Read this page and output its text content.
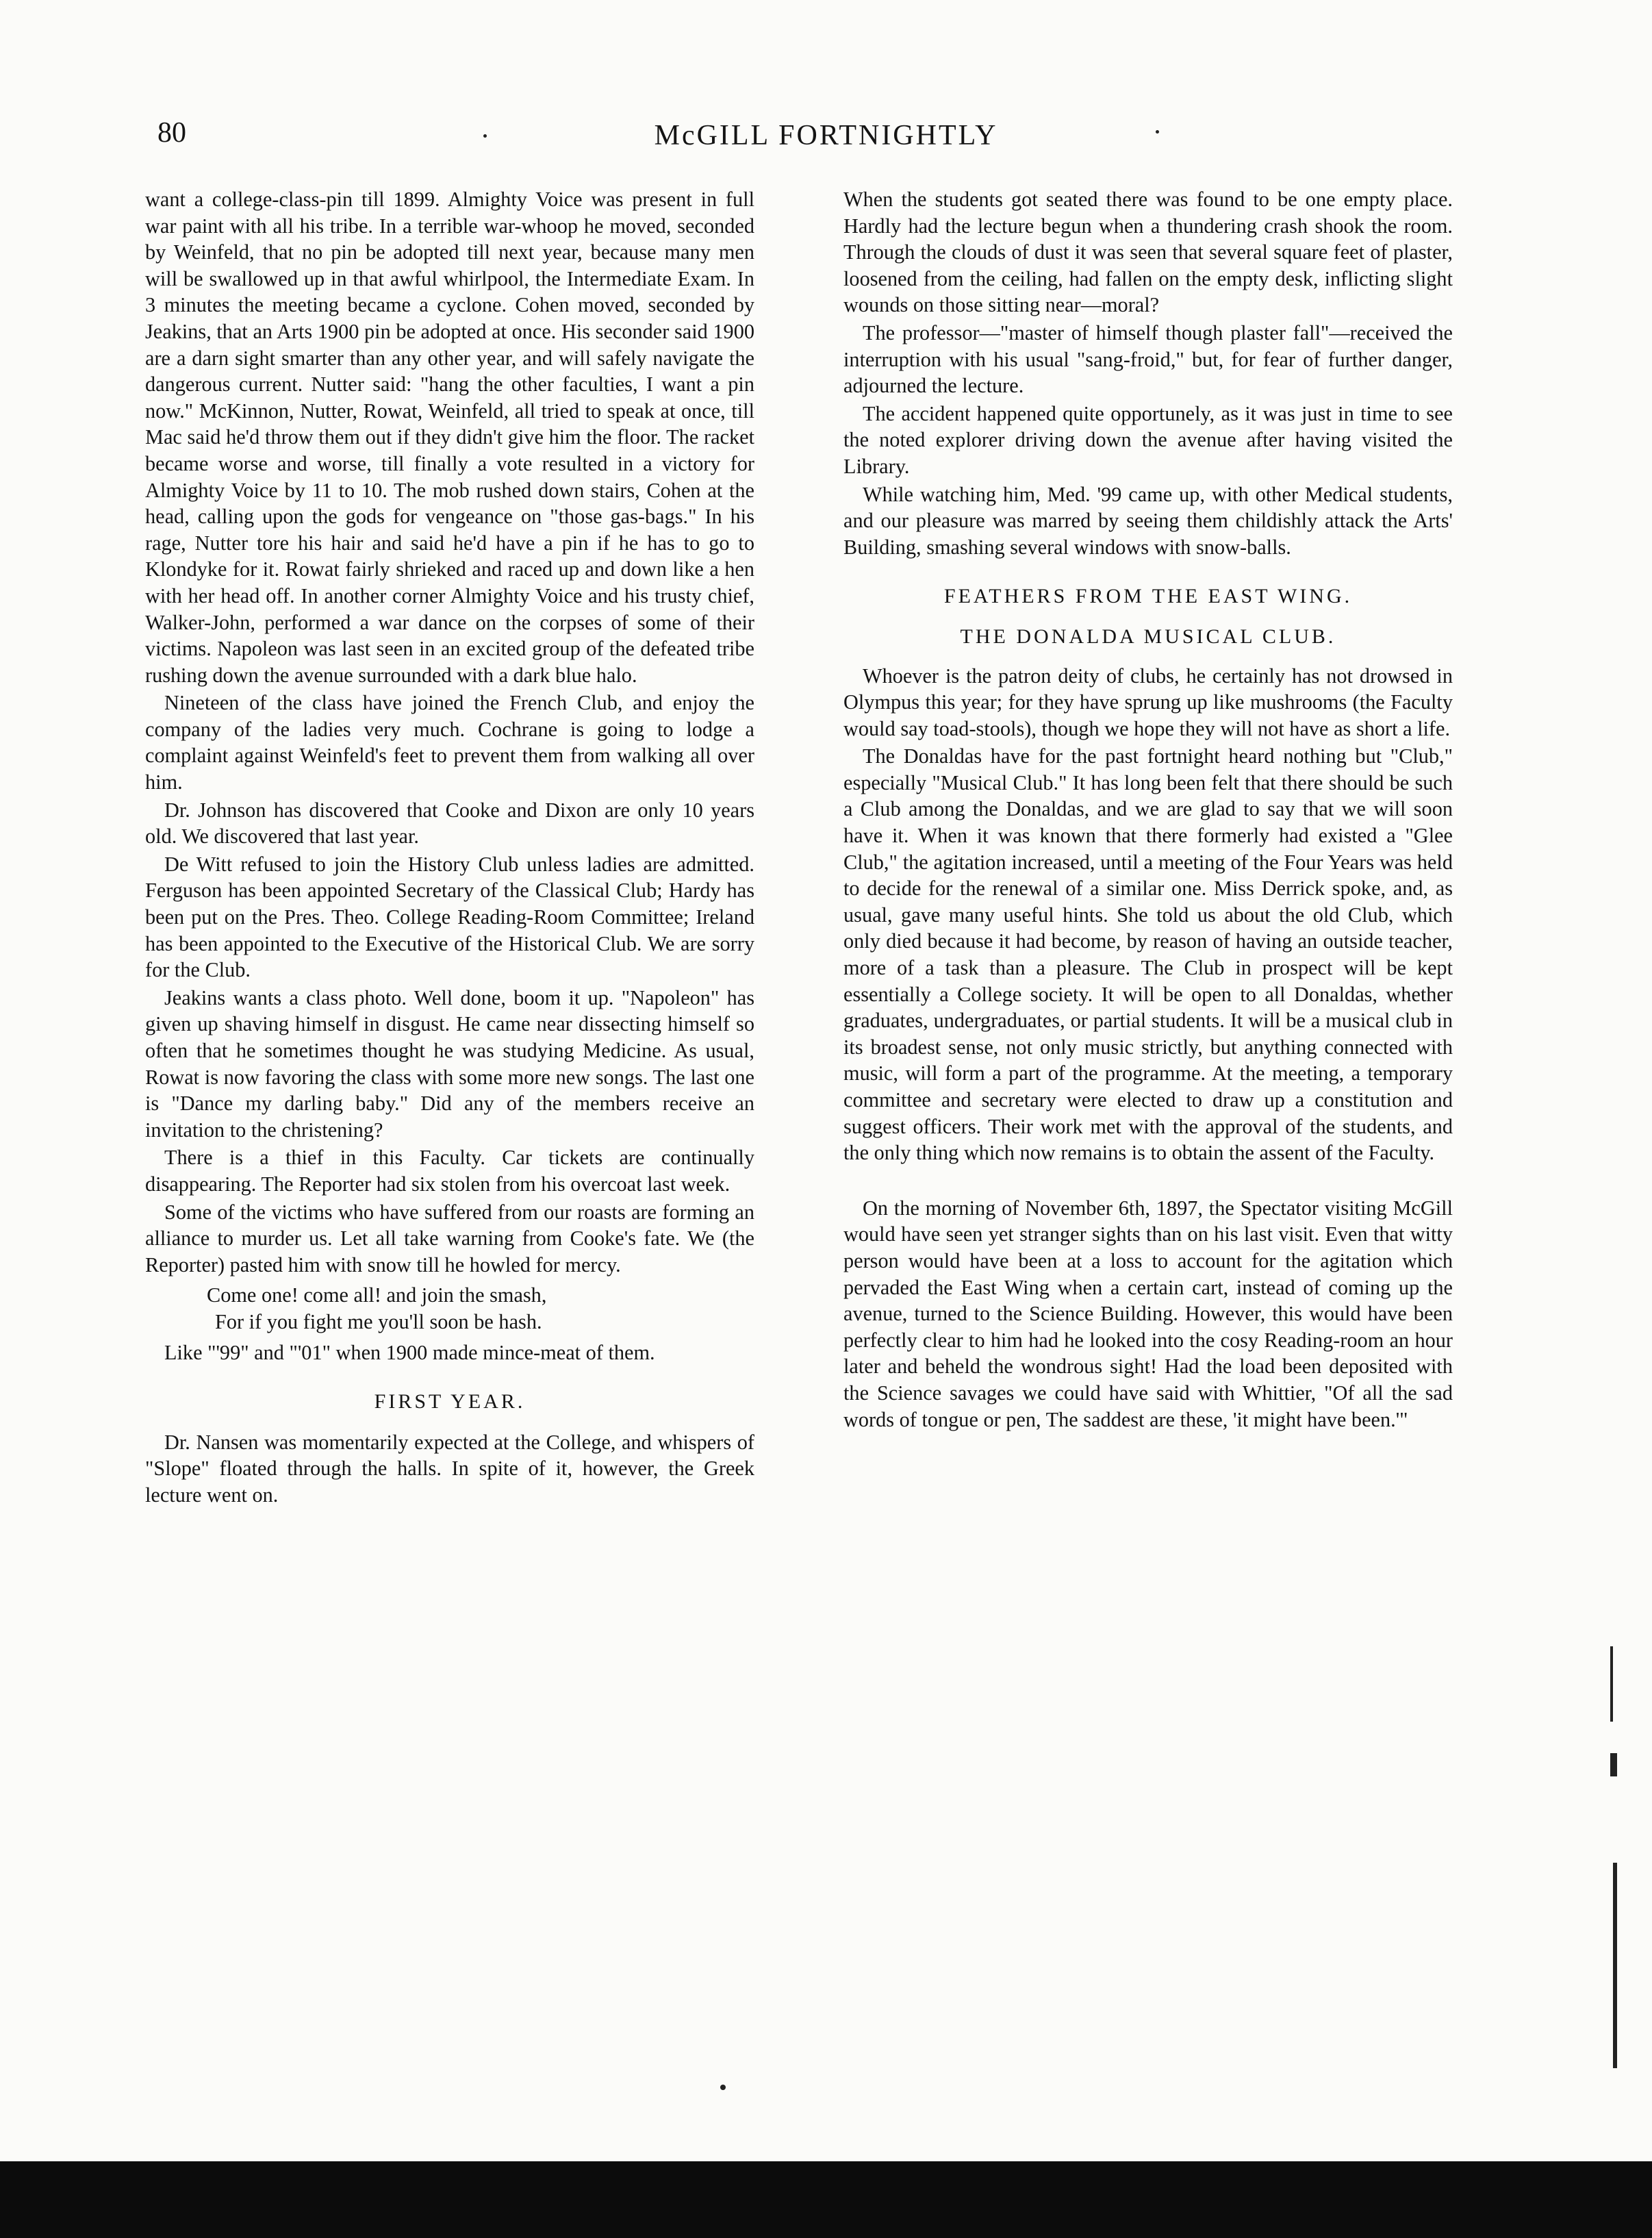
80	McGILL FORTNIGHTLY

want a college-class-pin till 1899. Almighty Voice was present in full war paint with all his tribe. In a terrible war-whoop he moved, seconded by Weinfeld, that no pin be adopted till next year, because many men will be swallowed up in that awful whirlpool, the Intermediate Exam. In 3 minutes the meeting became a cyclone. Cohen moved, seconded by Jeakins, that an Arts 1900 pin be adopted at once. His seconder said 1900 are a darn sight smarter than any other year, and will safely navigate the dangerous current. Nutter said: "hang the other faculties, I want a pin now." McKinnon, Nutter, Rowat, Weinfeld, all tried to speak at once, till Mac said he'd throw them out if they didn't give him the floor. The racket became worse and worse, till finally a vote resulted in a victory for Almighty Voice by 11 to 10. The mob rushed down stairs, Cohen at the head, calling upon the gods for vengeance on "those gas-bags." In his rage, Nutter tore his hair and said he'd have a pin if he has to go to Klondyke for it. Rowat fairly shrieked and raced up and down like a hen with her head off. In another corner Almighty Voice and his trusty chief, Walker-John, performed a war dance on the corpses of some of their victims. Napoleon was last seen in an excited group of the defeated tribe rushing down the avenue surrounded with a dark blue halo.

Nineteen of the class have joined the French Club, and enjoy the company of the ladies very much. Cochrane is going to lodge a complaint against Weinfeld's feet to prevent them from walking all over him.

Dr. Johnson has discovered that Cooke and Dixon are only 10 years old. We discovered that last year.

De Witt refused to join the History Club unless ladies are admitted. Ferguson has been appointed Secretary of the Classical Club; Hardy has been put on the Pres. Theo. College Reading-Room Committee; Ireland has been appointed to the Executive of the Historical Club. We are sorry for the Club.

Jeakins wants a class photo. Well done, boom it up. "Napoleon" has given up shaving himself in disgust. He came near dissecting himself so often that he sometimes thought he was studying Medicine. As usual, Rowat is now favoring the class with some more new songs. The last one is "Dance my darling baby." Did any of the members receive an invitation to the christening?

There is a thief in this Faculty. Car tickets are continually disappearing. The Reporter had six stolen from his overcoat last week.

Some of the victims who have suffered from our roasts are forming an alliance to murder us. Let all take warning from Cooke's fate. We (the Reporter) pasted him with snow till he howled for mercy.

Come one! come all! and join the smash,
For if you fight me you'll soon be hash.

Like "'99" and "'01" when 1900 made mince-meat of them.

FIRST YEAR.

Dr. Nansen was momentarily expected at the College, and whispers of "Slope" floated through the halls. In spite of it, however, the Greek lecture went on.

When the students got seated there was found to be one empty place. Hardly had the lecture begun when a thundering crash shook the room. Through the clouds of dust it was seen that several square feet of plaster, loosened from the ceiling, had fallen on the empty desk, inflicting slight wounds on those sitting near—moral?

The professor—"master of himself though plaster fall"—received the interruption with his usual "sang-froid," but, for fear of further danger, adjourned the lecture.

The accident happened quite opportunely, as it was just in time to see the noted explorer driving down the avenue after having visited the Library.

While watching him, Med. '99 came up, with other Medical students, and our pleasure was marred by seeing them childishly attack the Arts' Building, smashing several windows with snow-balls.

FEATHERS FROM THE EAST WING.
THE DONALDA MUSICAL CLUB.

Whoever is the patron deity of clubs, he certainly has not drowsed in Olympus this year; for they have sprung up like mushrooms (the Faculty would say toad-stools), though we hope they will not have as short a life.

The Donaldas have for the past fortnight heard nothing but "Club," especially "Musical Club." It has long been felt that there should be such a Club among the Donaldas, and we are glad to say that we will soon have it. When it was known that there formerly had existed a "Glee Club," the agitation increased, until a meeting of the Four Years was held to decide for the renewal of a similar one. Miss Derrick spoke, and, as usual, gave many useful hints. She told us about the old Club, which only died because it had become, by reason of having an outside teacher, more of a task than a pleasure. The Club in prospect will be kept essentially a College society. It will be open to all Donaldas, whether graduates, undergraduates, or partial students. It will be a musical club in its broadest sense, not only music strictly, but anything connected with music, will form a part of the programme. At the meeting, a temporary committee and secretary were elected to draw up a constitution and suggest officers. Their work met with the approval of the students, and the only thing which now remains is to obtain the assent of the Faculty.

On the morning of November 6th, 1897, the Spectator visiting McGill would have seen yet stranger sights than on his last visit. Even that witty person would have been at a loss to account for the agitation which pervaded the East Wing when a certain cart, instead of coming up the avenue, turned to the Science Building. However, this would have been perfectly clear to him had he looked into the cosy Reading-room an hour later and beheld the wondrous sight! Had the load been deposited with the Science savages we could have said with Whittier, "Of all the sad words of tongue or pen, The saddest are these, 'it might have been.'"
